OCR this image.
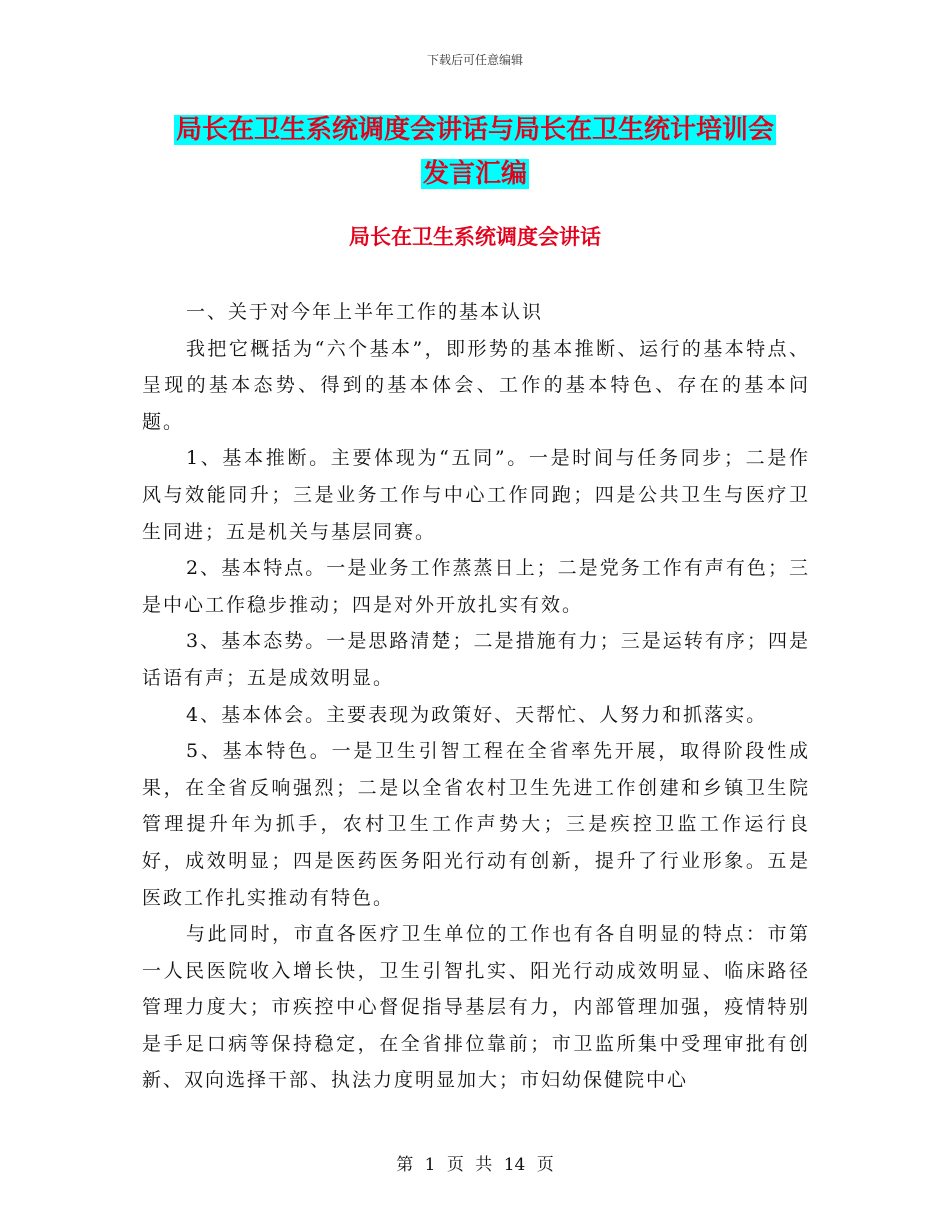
下载后可任意编辑
局长在卫生系统调度会讲话与局长在卫生统计培训会
发言汇编
局长在卫生系统调度会讲话

一、关于对今年上半年工作的基本认识

我把它概括为“六个基本”，即形势的基本推断、运行的基本特点、呈现的基本态势、得到的基本体会、工作的基本特色、存在的基本问题。

1、基本推断。主要体现为“五同”。一是时间与任务同步；二是作风与效能同升；三是业务工作与中心工作同跑；四是公共卫生与医疗卫生同进；五是机关与基层同赛。

2、基本特点。一是业务工作蒸蒸日上；二是党务工作有声有色；三是中心工作稳步推动；四是对外开放扎实有效。

3、基本态势。一是思路清楚；二是措施有力；三是运转有序；四是话语有声；五是成效明显。

4、基本体会。主要表现为政策好、天帮忙、人努力和抓落实。

5、基本特色。一是卫生引智工程在全省率先开展，取得阶段性成果，在全省反响强烈；二是以全省农村卫生先进工作创建和乡镇卫生院管理提升年为抓手，农村卫生工作声势大；三是疾控卫监工作运行良好，成效明显；四是医药医务阳光行动有创新，提升了行业形象。五是医政工作扎实推动有特色。

与此同时，市直各医疗卫生单位的工作也有各自明显的特点：市第一人民医院收入增长快，卫生引智扎实、阳光行动成效明显、临床路径管理力度大；市疾控中心督促指导基层有力，内部管理加强，疫情特别是手足口病等保持稳定，在全省排位靠前；市卫监所集中受理审批有创新、双向选择干部、执法力度明显加大；市妇幼保健院中心

第 1 页 共 14 页
